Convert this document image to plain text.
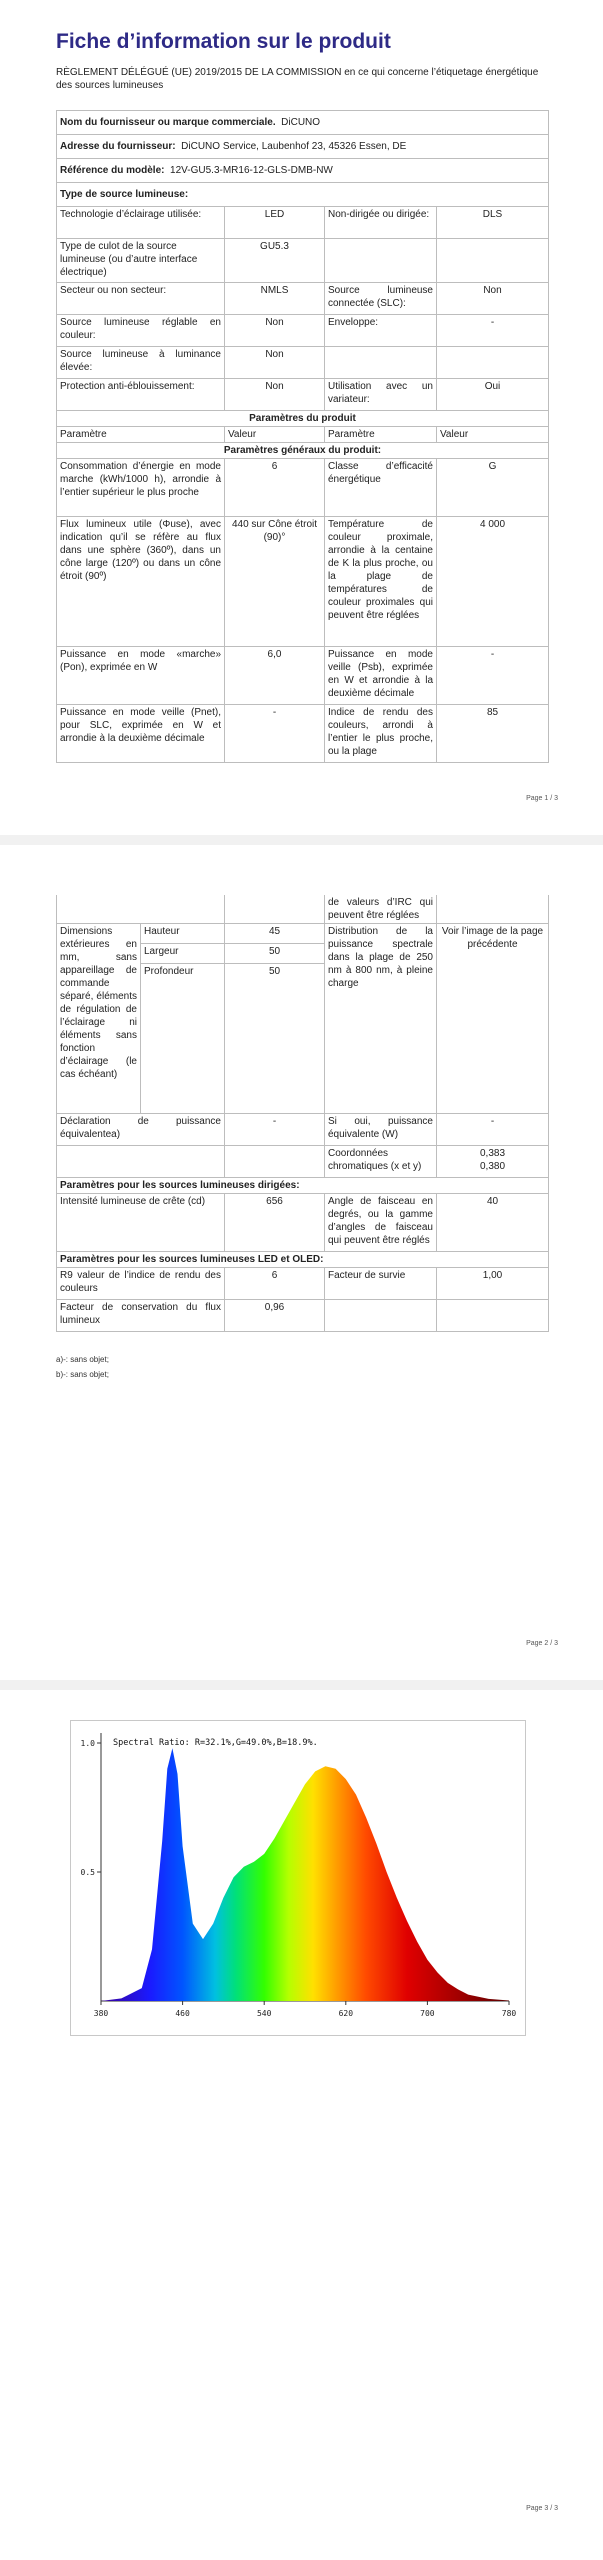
Fiche d’information sur le produit
RÈGLEMENT DÉLÉGUÉ (UE) 2019/2015 DE LA COMMISSION en ce qui concerne l’étiquetage énergétique des sources lumineuses
Nom du fournisseur ou marque commerciale. DiCUNO			
Adresse du fournisseur: DiCUNO Service, Laubenhof 23, 45326 Essen, DE			
Référence du modèle: 12V-GU5.3-MR16-12-GLS-DMB-NW			
Type de source lumineuse:			
Technologie d’éclairage utilisée:	LED	Non-dirigée ou dirigée:	DLS
Type de culot de la source lumineuse (ou d’autre interface électrique)	GU5.3		
Secteur ou non secteur:	NMLS	Source lumineuse connectée (SLC):	Non
Source lumineuse réglable en couleur:	Non	Enveloppe:	-
Source lumineuse à luminance élevée:	Non		
Protection anti-éblouissement:	Non	Utilisation avec un variateur:	Oui
Paramètres du produit			
Paramètre	Valeur	Paramètre	Valeur
Paramètres généraux du produit:			
Consommation d’énergie en mode marche (kWh/1000 h), arrondie à l’entier supérieur le plus proche	6	Classe d’efficacité énergétique	G
Flux lumineux utile (Φuse), avec indication qu’il se réfère au flux dans une sphère (360º), dans un cône large (120º) ou dans un cône étroit (90º)	440 sur Cône étroit (90)°	Température de couleur proximale, arrondie à la centaine de K la plus proche, ou la plage de températures de couleur proximales qui peuvent être réglées	4 000
Puissance en mode «marche» (Pon), exprimée en W	6,0	Puissance en mode veille (Psb), exprimée en W et arrondie à la deuxième décimale	-
Puissance en mode veille (Pnet), pour SLC, exprimée en W et arrondie à la deuxième décimale	-	Indice de rendu des couleurs, arrondi à l’entier le plus proche, ou la plage	85
Page 1 / 3
Page 2 / 3
			de valeurs d’IRC qui peuvent être réglées	
Dimensions extérieures en mm, sans appareillage de commande séparé, éléments de régulation de l’éclairage ni éléments sans fonction d’éclairage (le cas échéant)	Hauteur	45	Distribution de la puissance spectrale dans la plage de 250 nm à 800 nm, à pleine charge	Voir l’image de la page précédente
	Largeur	50		
	Profondeur	50		
Déclaration de puissance équivalentea)		-	Si oui, puissance équivalente (W)	-
			Coordonnées chromatiques (x et y)	0,383
0,380
Paramètres pour les sources lumineuses dirigées:				
Intensité lumineuse de crête (cd)		656	Angle de faisceau en degrés, ou la gamme d’angles de faisceau qui peuvent être réglés	40
Paramètres pour les sources lumineuses LED et OLED:				
R9 valeur de l’indice de rendu des couleurs		6	Facteur de survie	1,00
Facteur de conservation du flux lumineux		0,96		
a)-: sans objet;
b)-: sans objet;
Page 3 / 3
380	460	540	620	700	780
0.5
1.0 Spectral Ratio: R=32.1%,G=49.0%,B=18.9%.
